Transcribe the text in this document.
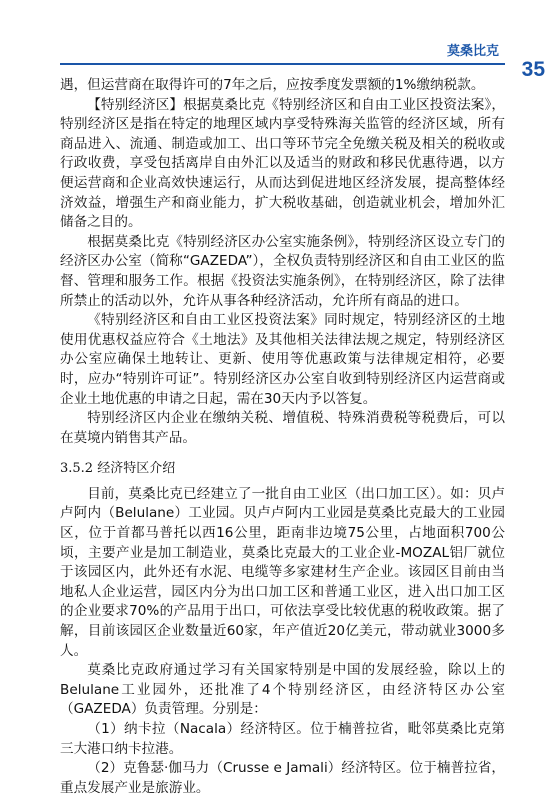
莫桑比克
35

遇，但运营商在取得许可的7年之后，应按季度发票额的1%缴纳税款。

【特别经济区】根据莫桑比克《特别经济区和自由工业区投资法案》，特别经济区是指在特定的地理区域内享受特殊海关监管的经济区域，所有商品进入、流通、制造或加工、出口等环节完全免缴关税及相关的税收或行政收费，享受包括离岸自由外汇以及适当的财政和移民优惠待遇，以方便运营商和企业高效快速运行，从而达到促进地区经济发展，提高整体经济效益，增强生产和商业能力，扩大税收基础，创造就业机会，增加外汇储备之目的。

根据莫桑比克《特别经济区办公室实施条例》，特别经济区设立专门的经济区办公室（简称“GAZEDA”），全权负责特别经济区和自由工业区的监督、管理和服务工作。根据《投资法实施条例》，在特别经济区，除了法律所禁止的活动以外，允许从事各种经济活动，允许所有商品的进口。

《特别经济区和自由工业区投资法案》同时规定，特别经济区的土地使用优惠权益应符合《土地法》及其他相关法律法规之规定，特别经济区办公室应确保土地转让、更新、使用等优惠政策与法律规定相符，必要时，应办“特别许可证”。特别经济区办公室自收到特别经济区内运营商或企业土地优惠的申请之日起，需在30天内予以答复。

特别经济区内企业在缴纳关税、增值税、特殊消费税等税费后，可以在莫境内销售其产品。

3.5.2 经济特区介绍

目前，莫桑比克已经建立了一批自由工业区（出口加工区）。如：贝卢卢阿内（Belulane）工业园。贝卢卢阿内工业园是莫桑比克最大的工业园区，位于首都马普托以西16公里，距南非边境75公里，占地面积700公顷，主要产业是加工制造业，莫桑比克最大的工业企业-MOZAL铝厂就位于该园区内，此外还有水泥、电缆等多家建材生产企业。该园区目前由当地私人企业运营，园区内分为出口加工区和普通工业区，进入出口加工区的企业要求70%的产品用于出口，可依法享受比较优惠的税收政策。据了解，目前该园区企业数量近60家，年产值近20亿美元，带动就业3000多人。

莫桑比克政府通过学习有关国家特别是中国的发展经验，除以上的Belulane工业园外，还批准了4个特别经济区，由经济特区办公室（GAZEDA）负责管理。分别是：

（1）纳卡拉（Nacala）经济特区。位于楠普拉省，毗邻莫桑比克第三大港口纳卡拉港。

（2）克鲁瑟·伽马力（Crusse e Jamali）经济特区。位于楠普拉省，重点发展产业是旅游业。
